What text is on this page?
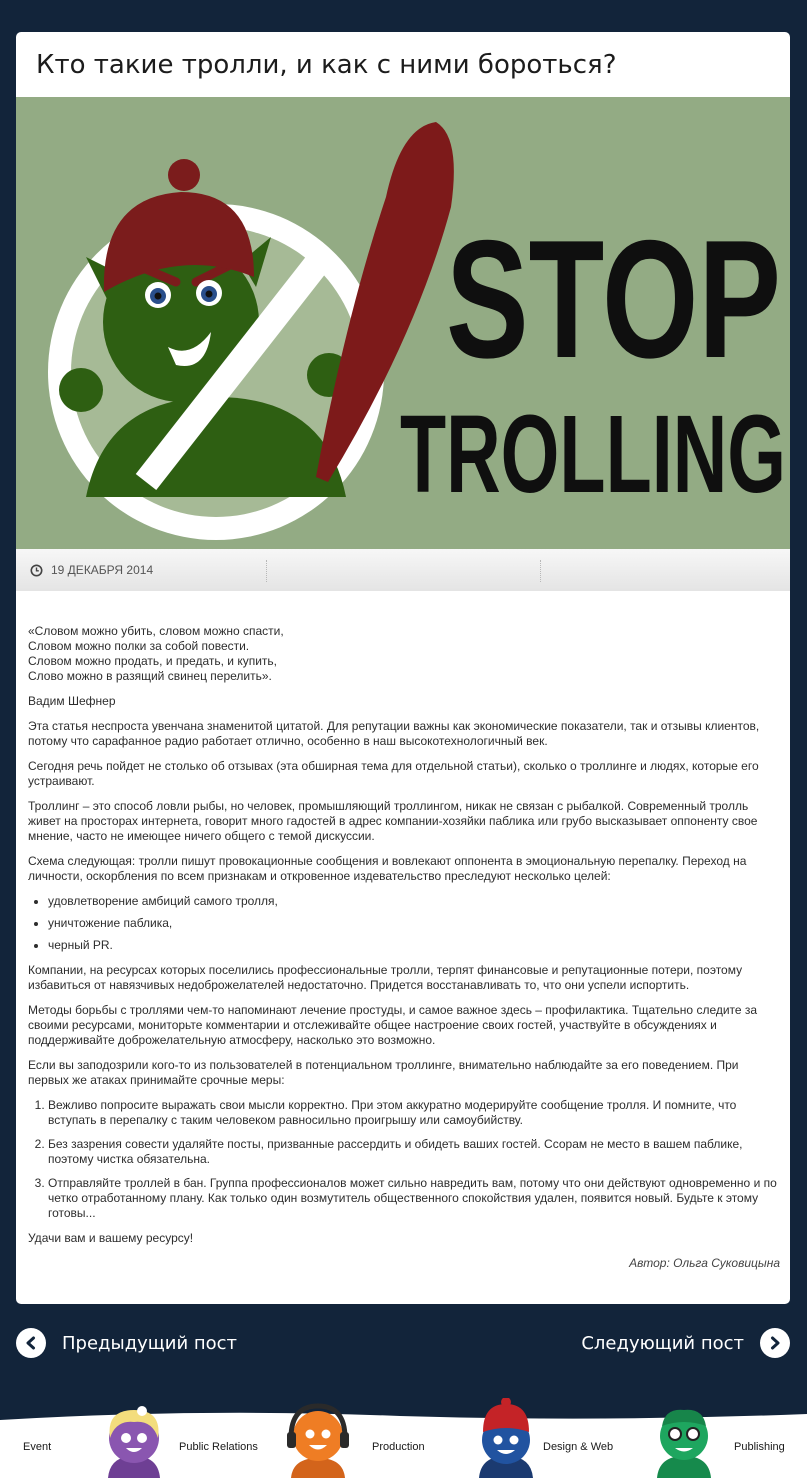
Кто такие тролли, и как с ними бороться?
STOP
TROLLING
19 ДЕКАБРЯ 2014

«Словом можно убить, словом можно спасти,
Словом можно полки за собой повести.
Словом можно продать, и предать, и купить,
Слово можно в разящий свинец перелить».

Вадим Шефнер

Эта статья неспроста увенчана знаменитой цитатой. Для репутации важны как экономические показатели, так и отзывы клиентов, потому что сарафанное радио работает отлично, особенно в наш высокотехнологичный век.

Сегодня речь пойдет не столько об отзывах (эта обширная тема для отдельной статьи), сколько о троллинге и людях, которые его устраивают.

Троллинг – это способ ловли рыбы, но человек, промышляющий троллингом, никак не связан с рыбалкой. Современный тролль живет на просторах интернета, говорит много гадостей в адрес компании-хозяйки паблика или грубо высказывает оппоненту свое мнение, часто не имеющее ничего общего с темой дискуссии.

Схема следующая: тролли пишут провокационные сообщения и вовлекают оппонента в эмоциональную перепалку. Переход на личности, оскорбления по всем признакам и откровенное издевательство преследуют несколько целей:

• удовлетворение амбиций самого тролля,
• уничтожение паблика,
• черный PR.

Компании, на ресурсах которых поселились профессиональные тролли, терпят финансовые и репутационные потери, поэтому избавиться от навязчивых недоброжелателей недостаточно. Придется восстанавливать то, что они успели испортить.

Методы борьбы с троллями чем-то напоминают лечение простуды, и самое важное здесь – профилактика. Тщательно следите за своими ресурсами, мониторьте комментарии и отслеживайте общее настроение своих гостей, участвуйте в обсуждениях и поддерживайте доброжелательную атмосферу, насколько это возможно.

Если вы заподозрили кого-то из пользователей в потенциальном троллинге, внимательно наблюдайте за его поведением. При первых же атаках принимайте срочные меры:

1. Вежливо попросите выражать свои мысли корректно. При этом аккуратно модерируйте сообщение тролля. И помните, что вступать в перепалку с таким человеком равносильно проигрышу или самоубийству.
2. Без зазрения совести удаляйте посты, призванные рассердить и обидеть ваших гостей. Ссорам не место в вашем паблике, поэтому чистка обязательна.
3. Отправляйте троллей в бан. Группа профессионалов может сильно навредить вам, потому что они действуют одновременно и по четко отработанному плану. Как только один возмутитель общественного спокойствия удален, появится новый. Будьте к этому готовы...

Удачи вам и вашему ресурсу!

Автор: Ольга Суковицына

Предыдущий пост	Следующий пост
Event	Public Relations	Production	Design & Web	Publishing
